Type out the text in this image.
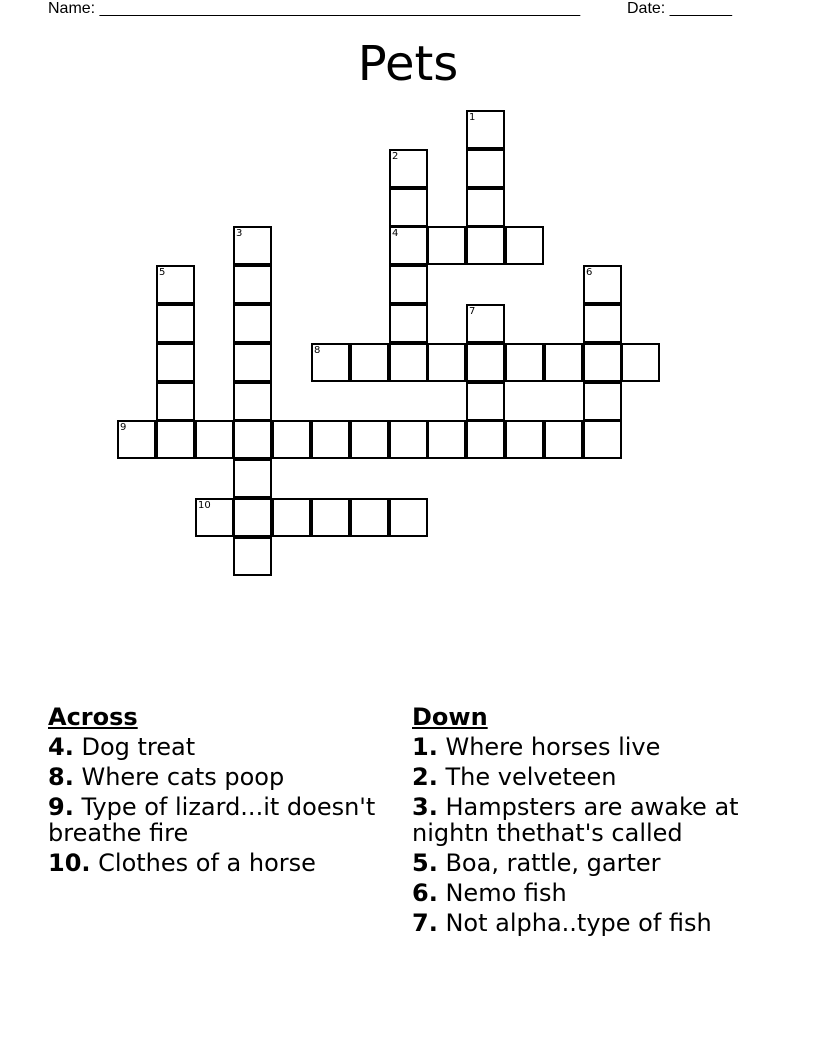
Name: ______________________________________________________	Date: _______
Pets
1
2
3	4
5	6
7
8
9
10
Across
4. Dog treat
8. Where cats poop
9. Type of lizard...it doesn't breathe fire
10. Clothes of a horse
Down
1. Where horses live
2. The velveteen
3. Hampsters are awake at nightn thethat's called
5. Boa, rattle, garter
6. Nemo fish
7. Not alpha..type of fish
